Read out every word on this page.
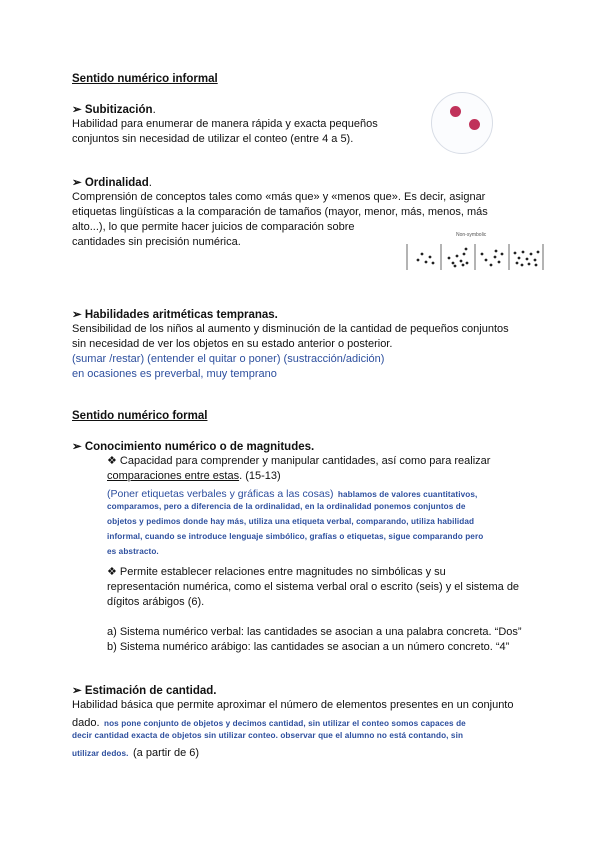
Sentido numérico informal
➢ Subitización.
Habilidad para enumerar de manera rápida y exacta pequeños
conjuntos sin necesidad de utilizar el conteo (entre 4 a 5).
➢ Ordinalidad.
Comprensión de conceptos tales como «más que» y «menos que». Es decir, asignar
etiquetas lingüísticas a la comparación de tamaños (mayor, menor, más, menos, más
alto...), lo que permite hacer juicios de comparación sobre
cantidades sin precisión numérica.
Non-symbolic
➢ Habilidades aritméticas tempranas.
Sensibilidad de los niños al aumento y disminución de la cantidad de pequeños conjuntos
sin necesidad de ver los objetos en su estado anterior o posterior.
(sumar /restar) (entender el quitar o poner) (sustracción/adición)
en ocasiones es preverbal, muy temprano
Sentido numérico formal
➢ Conocimiento numérico o de magnitudes.
❖ Capacidad para comprender y manipular cantidades, así como para realizar
comparaciones entre estas. (15-13)
(Poner etiquetas verbales y gráficas a las cosas) hablamos de valores cuantitativos,
comparamos, pero a diferencia de la ordinalidad, en la ordinalidad ponemos conjuntos de
objetos y pedimos donde hay más, utiliza una etiqueta verbal, comparando, utiliza habilidad
informal, cuando se introduce lenguaje simbólico, grafías o etiquetas, sigue comparando pero
es abstracto.
❖ Permite establecer relaciones entre magnitudes no simbólicas y su
representación numérica, como el sistema verbal oral o escrito (seis) y el sistema de
dígitos arábigos (6).
a) Sistema numérico verbal: las cantidades se asocian a una palabra concreta. “Dos”
b) Sistema numérico arábigo: las cantidades se asocian a un número concreto. “4”
➢ Estimación de cantidad.
Habilidad básica que permite aproximar el número de elementos presentes en un conjunto
dado. nos pone conjunto de objetos y decimos cantidad, sin utilizar el conteo somos capaces de
decir cantidad exacta de objetos sin utilizar conteo. observar que el alumno no está contando, sin
utilizar dedos. (a partir de 6)
